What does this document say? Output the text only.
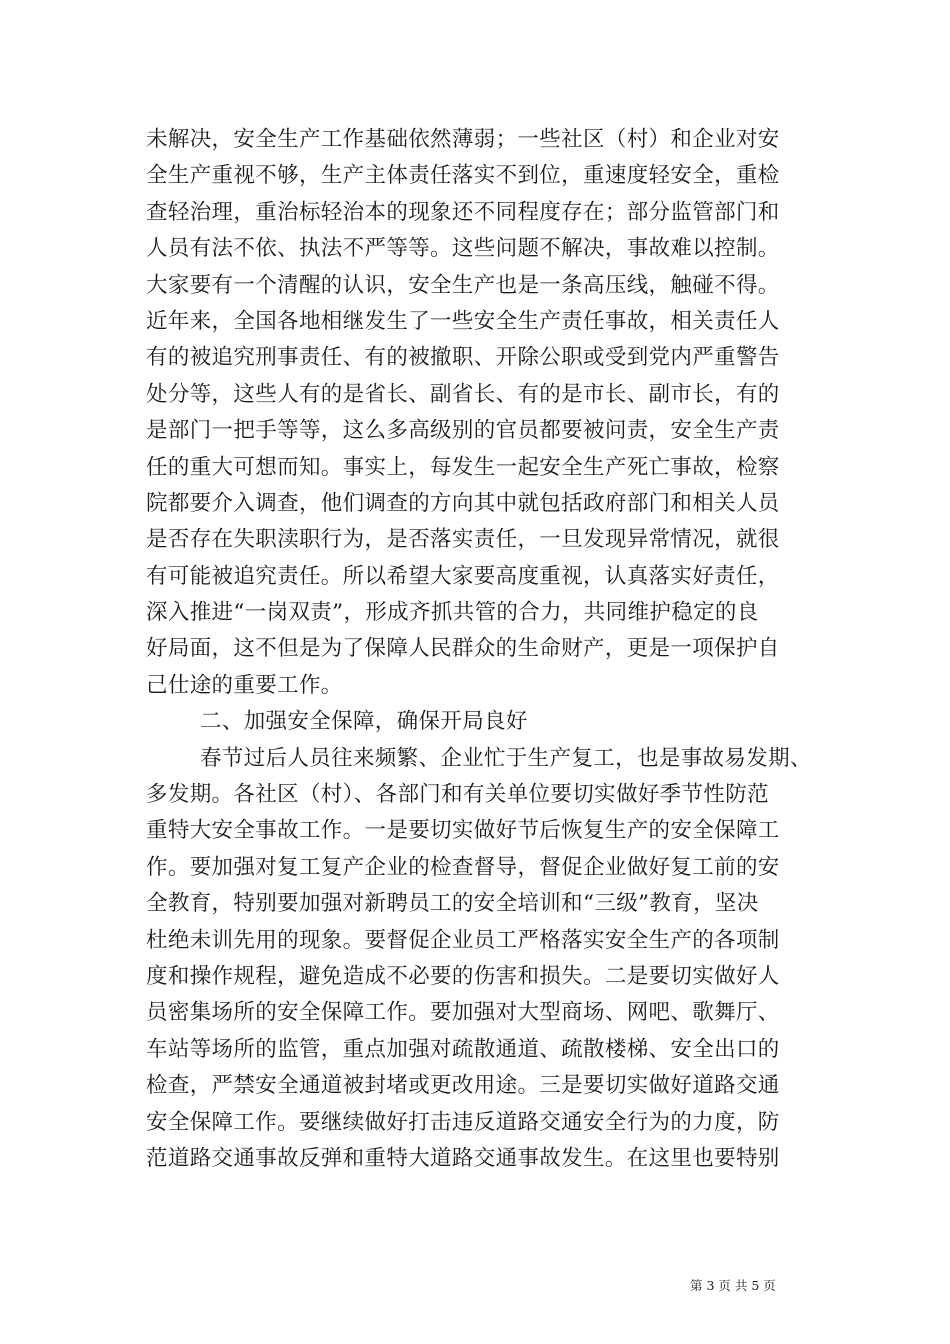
未解决，安全生产工作基础依然薄弱；一些社区（村）和企业对安
全生产重视不够，生产主体责任落实不到位，重速度轻安全，重检
查轻治理，重治标轻治本的现象还不同程度存在；部分监管部门和
人员有法不依、执法不严等等。这些问题不解决，事故难以控制。
大家要有一个清醒的认识，安全生产也是一条高压线，触碰不得。
近年来，全国各地相继发生了一些安全生产责任事故，相关责任人
有的被追究刑事责任、有的被撤职、开除公职或受到党内严重警告
处分等，这些人有的是省长、副省长、有的是市长、副市长，有的
是部门一把手等等，这么多高级别的官员都要被问责，安全生产责
任的重大可想而知。事实上，每发生一起安全生产死亡事故，检察
院都要介入调查，他们调查的方向其中就包括政府部门和相关人员
是否存在失职渎职行为，是否落实责任，一旦发现异常情况，就很
有可能被追究责任。所以希望大家要高度重视，认真落实好责任，
深入推进“一岗双责”，形成齐抓共管的合力，共同维护稳定的良
好局面，这不但是为了保障人民群众的生命财产，更是一项保护自
己仕途的重要工作。
二、加强安全保障，确保开局良好
春节过后人员往来频繁、企业忙于生产复工，也是事故易发期、
多发期。各社区（村）、各部门和有关单位要切实做好季节性防范
重特大安全事故工作。一是要切实做好节后恢复生产的安全保障工
作。要加强对复工复产企业的检查督导，督促企业做好复工前的安
全教育，特别要加强对新聘员工的安全培训和“三级”教育，坚决
杜绝未训先用的现象。要督促企业员工严格落实安全生产的各项制
度和操作规程，避免造成不必要的伤害和损失。二是要切实做好人
员密集场所的安全保障工作。要加强对大型商场、网吧、歌舞厅、
车站等场所的监管，重点加强对疏散通道、疏散楼梯、安全出口的
检查，严禁安全通道被封堵或更改用途。三是要切实做好道路交通
安全保障工作。要继续做好打击违反道路交通安全行为的力度，防
范道路交通事故反弹和重特大道路交通事故发生。在这里也要特别
第 3 页 共 5 页
